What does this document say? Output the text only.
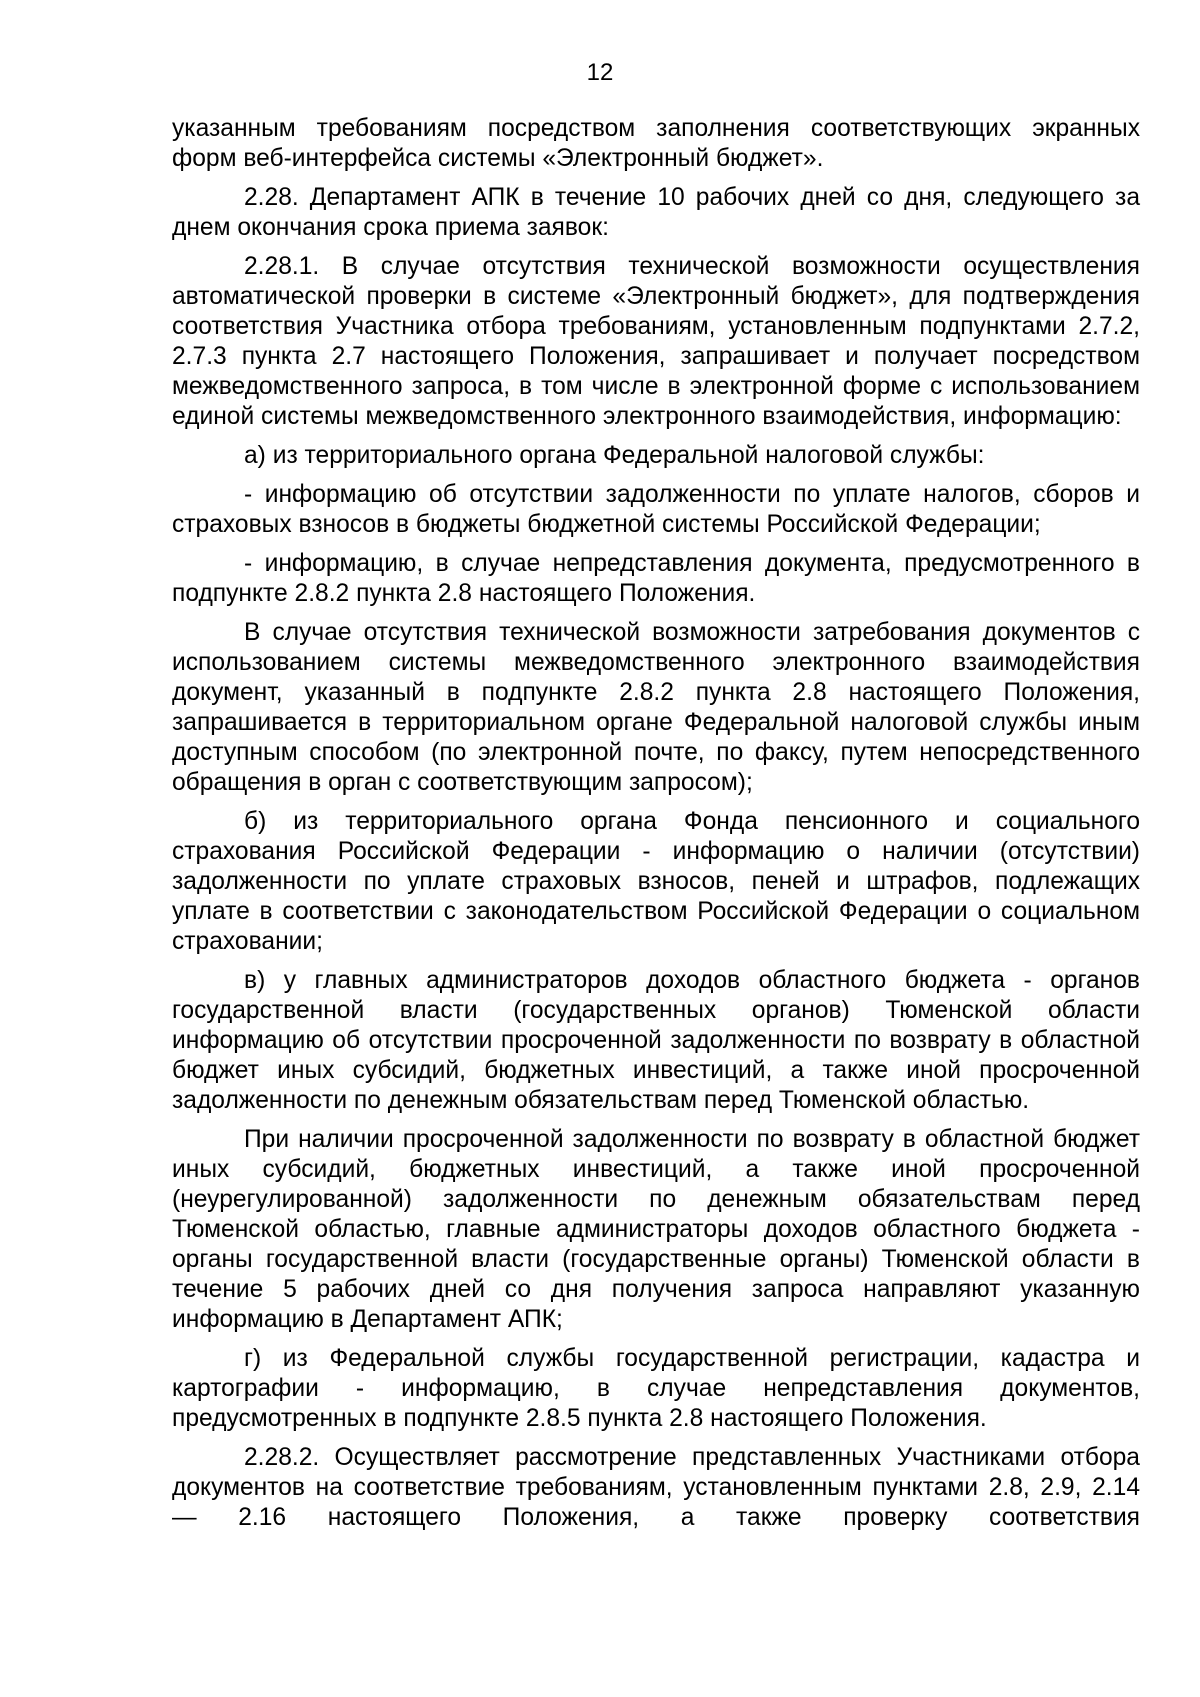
12

указанным требованиям посредством заполнения соответствующих экранных форм веб-интерфейса системы «Электронный бюджет».

2.28. Департамент АПК в течение 10 рабочих дней со дня, следующего за днем окончания срока приема заявок:

2.28.1. В случае отсутствия технической возможности осуществления автоматической проверки в системе «Электронный бюджет», для подтверждения соответствия Участника отбора требованиям, установленным подпунктами 2.7.2, 2.7.3 пункта 2.7 настоящего Положения, запрашивает и получает посредством межведомственного запроса, в том числе в электронной форме с использованием единой системы межведомственного электронного взаимодействия, информацию:

а) из территориального органа Федеральной налоговой службы:

- информацию об отсутствии задолженности по уплате налогов, сборов и страховых взносов в бюджеты бюджетной системы Российской Федерации;

- информацию, в случае непредставления документа, предусмотренного в подпункте 2.8.2 пункта 2.8 настоящего Положения.

В случае отсутствия технической возможности затребования документов с использованием системы межведомственного электронного взаимодействия документ, указанный в подпункте 2.8.2 пункта 2.8 настоящего Положения, запрашивается в территориальном органе Федеральной налоговой службы иным доступным способом (по электронной почте, по факсу, путем непосредственного обращения в орган с соответствующим запросом);

б) из территориального органа Фонда пенсионного и социального страхования Российской Федерации - информацию о наличии (отсутствии) задолженности по уплате страховых взносов, пеней и штрафов, подлежащих уплате в соответствии с законодательством Российской Федерации о социальном страховании;

в) у главных администраторов доходов областного бюджета - органов государственной власти (государственных органов) Тюменской области информацию об отсутствии просроченной задолженности по возврату в областной бюджет иных субсидий, бюджетных инвестиций, а также иной просроченной задолженности по денежным обязательствам перед Тюменской областью.

При наличии просроченной задолженности по возврату в областной бюджет иных субсидий, бюджетных инвестиций, а также иной просроченной (неурегулированной) задолженности по денежным обязательствам перед Тюменской областью, главные администраторы доходов областного бюджета - органы государственной власти (государственные органы) Тюменской области в течение 5 рабочих дней со дня получения запроса направляют указанную информацию в Департамент АПК;

г) из Федеральной службы государственной регистрации, кадастра и картографии - информацию, в случае непредставления документов, предусмотренных в подпункте 2.8.5 пункта 2.8 настоящего Положения.

2.28.2. Осуществляет рассмотрение представленных Участниками отбора документов на соответствие требованиям, установленным пунктами 2.8, 2.9, 2.14 — 2.16 настоящего Положения, а также проверку соответствия
